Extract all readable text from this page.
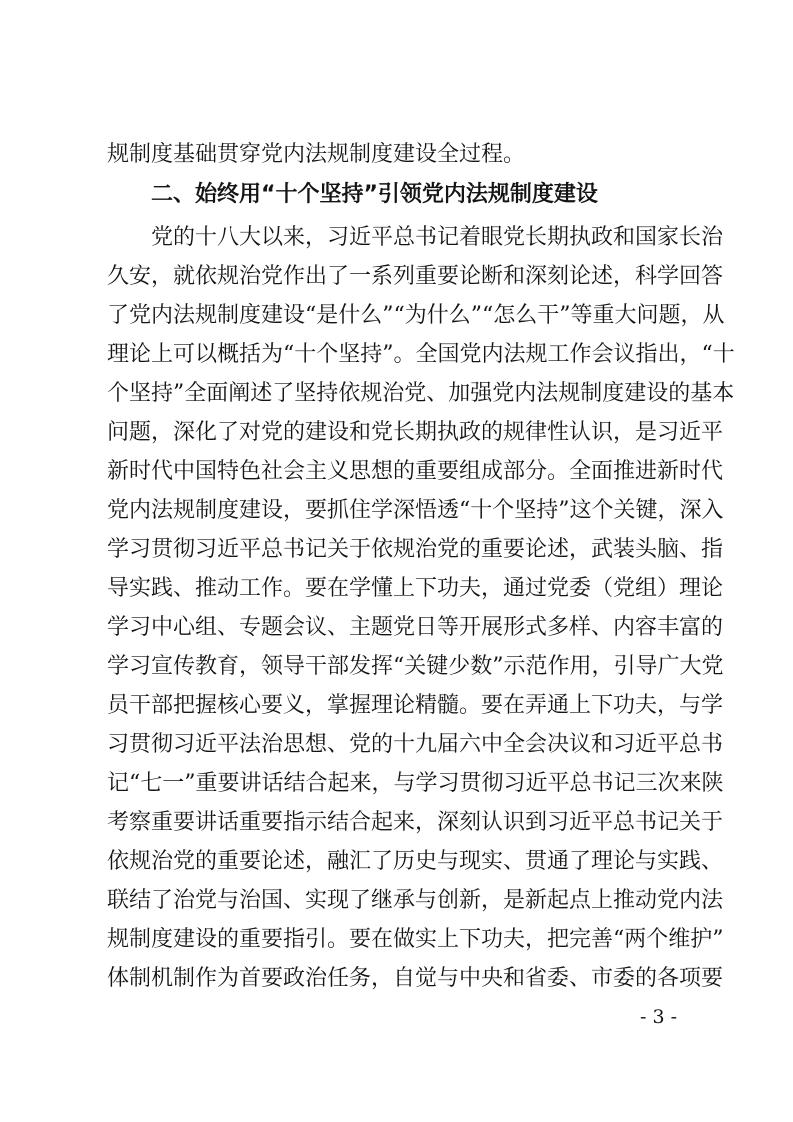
规制度基础贯穿党内法规制度建设全过程。
二、始终用“十个坚持”引领党内法规制度建设
党的十八大以来，习近平总书记着眼党长期执政和国家长治
久安，就依规治党作出了一系列重要论断和深刻论述，科学回答
了党内法规制度建设“是什么”“为什么”“怎么干”等重大问题，从
理论上可以概括为“十个坚持”。全国党内法规工作会议指出，“十
个坚持”全面阐述了坚持依规治党、加强党内法规制度建设的基本
问题，深化了对党的建设和党长期执政的规律性认识，是习近平
新时代中国特色社会主义思想的重要组成部分。全面推进新时代
党内法规制度建设，要抓住学深悟透“十个坚持”这个关键，深入
学习贯彻习近平总书记关于依规治党的重要论述，武装头脑、指
导实践、推动工作。要在学懂上下功夫，通过党委（党组）理论
学习中心组、专题会议、主题党日等开展形式多样、内容丰富的
学习宣传教育，领导干部发挥“关键少数”示范作用，引导广大党
员干部把握核心要义，掌握理论精髓。要在弄通上下功夫，与学
习贯彻习近平法治思想、党的十九届六中全会决议和习近平总书
记“七一”重要讲话结合起来，与学习贯彻习近平总书记三次来陕
考察重要讲话重要指示结合起来，深刻认识到习近平总书记关于
依规治党的重要论述，融汇了历史与现实、贯通了理论与实践、
联结了治党与治国、实现了继承与创新，是新起点上推动党内法
规制度建设的重要指引。要在做实上下功夫，把完善“两个维护”
体制机制作为首要政治任务，自觉与中央和省委、市委的各项要
- 3 -
